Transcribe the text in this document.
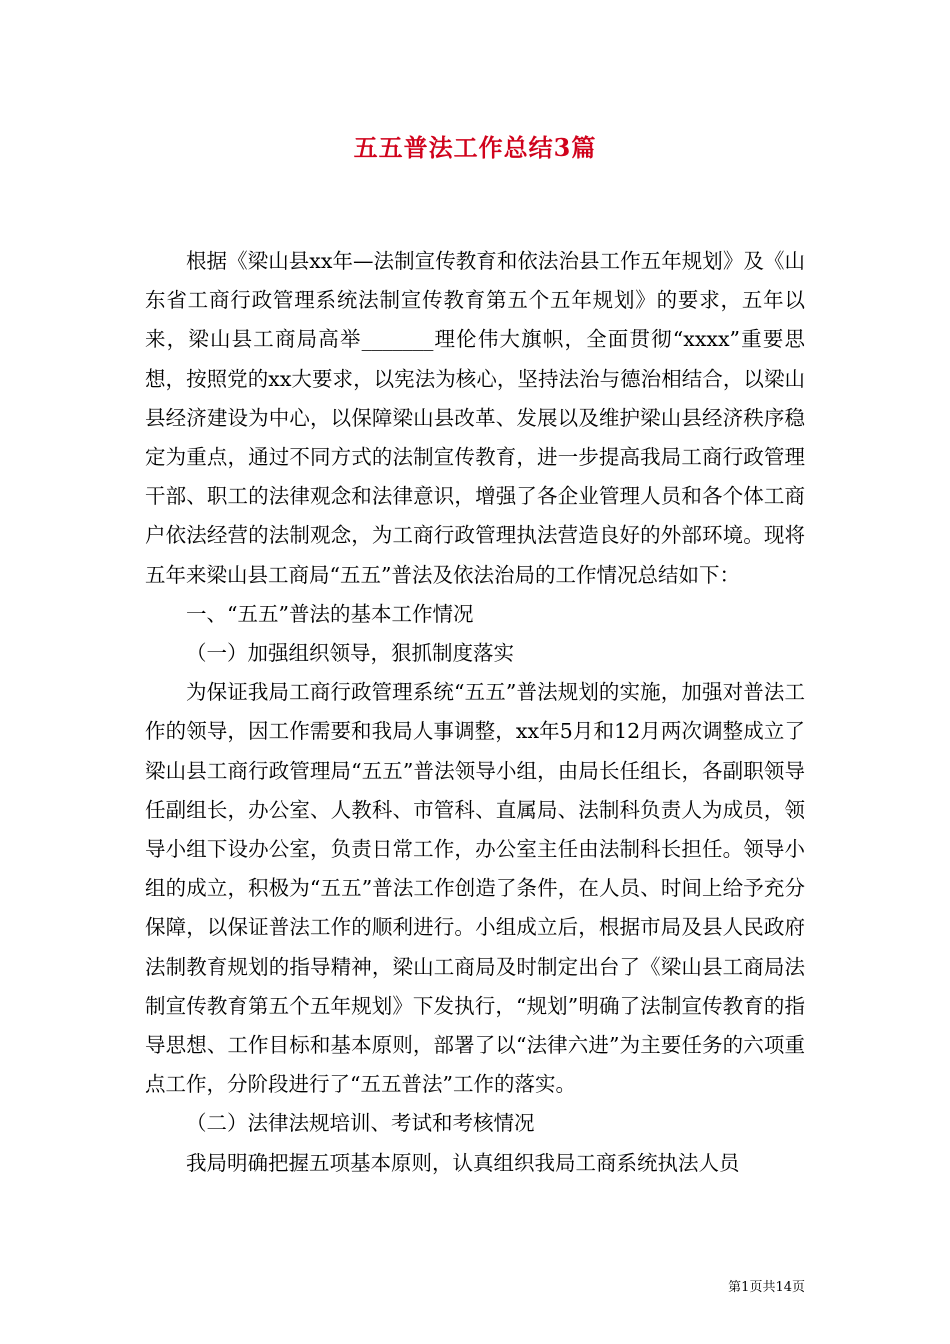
五五普法工作总结3篇

根据《梁山县xx年—法制宣传教育和依法治县工作五年规划》及《山东省工商行政管理系统法制宣传教育第五个五年规划》的要求，五年以来，梁山县工商局高举_______理伦伟大旗帜，全面贯彻“xxxx”重要思想，按照党的xx大要求，以宪法为核心，坚持法治与德治相结合，以梁山县经济建设为中心，以保障梁山县改革、发展以及维护梁山县经济秩序稳定为重点，通过不同方式的法制宣传教育，进一步提高我局工商行政管理干部、职工的法律观念和法律意识，增强了各企业管理人员和各个体工商户依法经营的法制观念，为工商行政管理执法营造良好的外部环境。现将五年来梁山县工商局“五五”普法及依法治局的工作情况总结如下：

一、“五五”普法的基本工作情况

（一）加强组织领导，狠抓制度落实

为保证我局工商行政管理系统“五五”普法规划的实施，加强对普法工作的领导，因工作需要和我局人事调整，xx年5月和12月两次调整成立了梁山县工商行政管理局“五五”普法领导小组，由局长任组长，各副职领导任副组长，办公室、人教科、市管科、直属局、法制科负责人为成员，领导小组下设办公室，负责日常工作，办公室主任由法制科长担任。领导小组的成立，积极为“五五”普法工作创造了条件，在人员、时间上给予充分保障，以保证普法工作的顺利进行。小组成立后，根据市局及县人民政府法制教育规划的指导精神，梁山工商局及时制定出台了《梁山县工商局法制宣传教育第五个五年规划》下发执行，“规划”明确了法制宣传教育的指导思想、工作目标和基本原则，部署了以“法律六进”为主要任务的六项重点工作，分阶段进行了“五五普法”工作的落实。

（二）法律法规培训、考试和考核情况

我局明确把握五项基本原则，认真组织我局工商系统执法人员

第1页共14页
